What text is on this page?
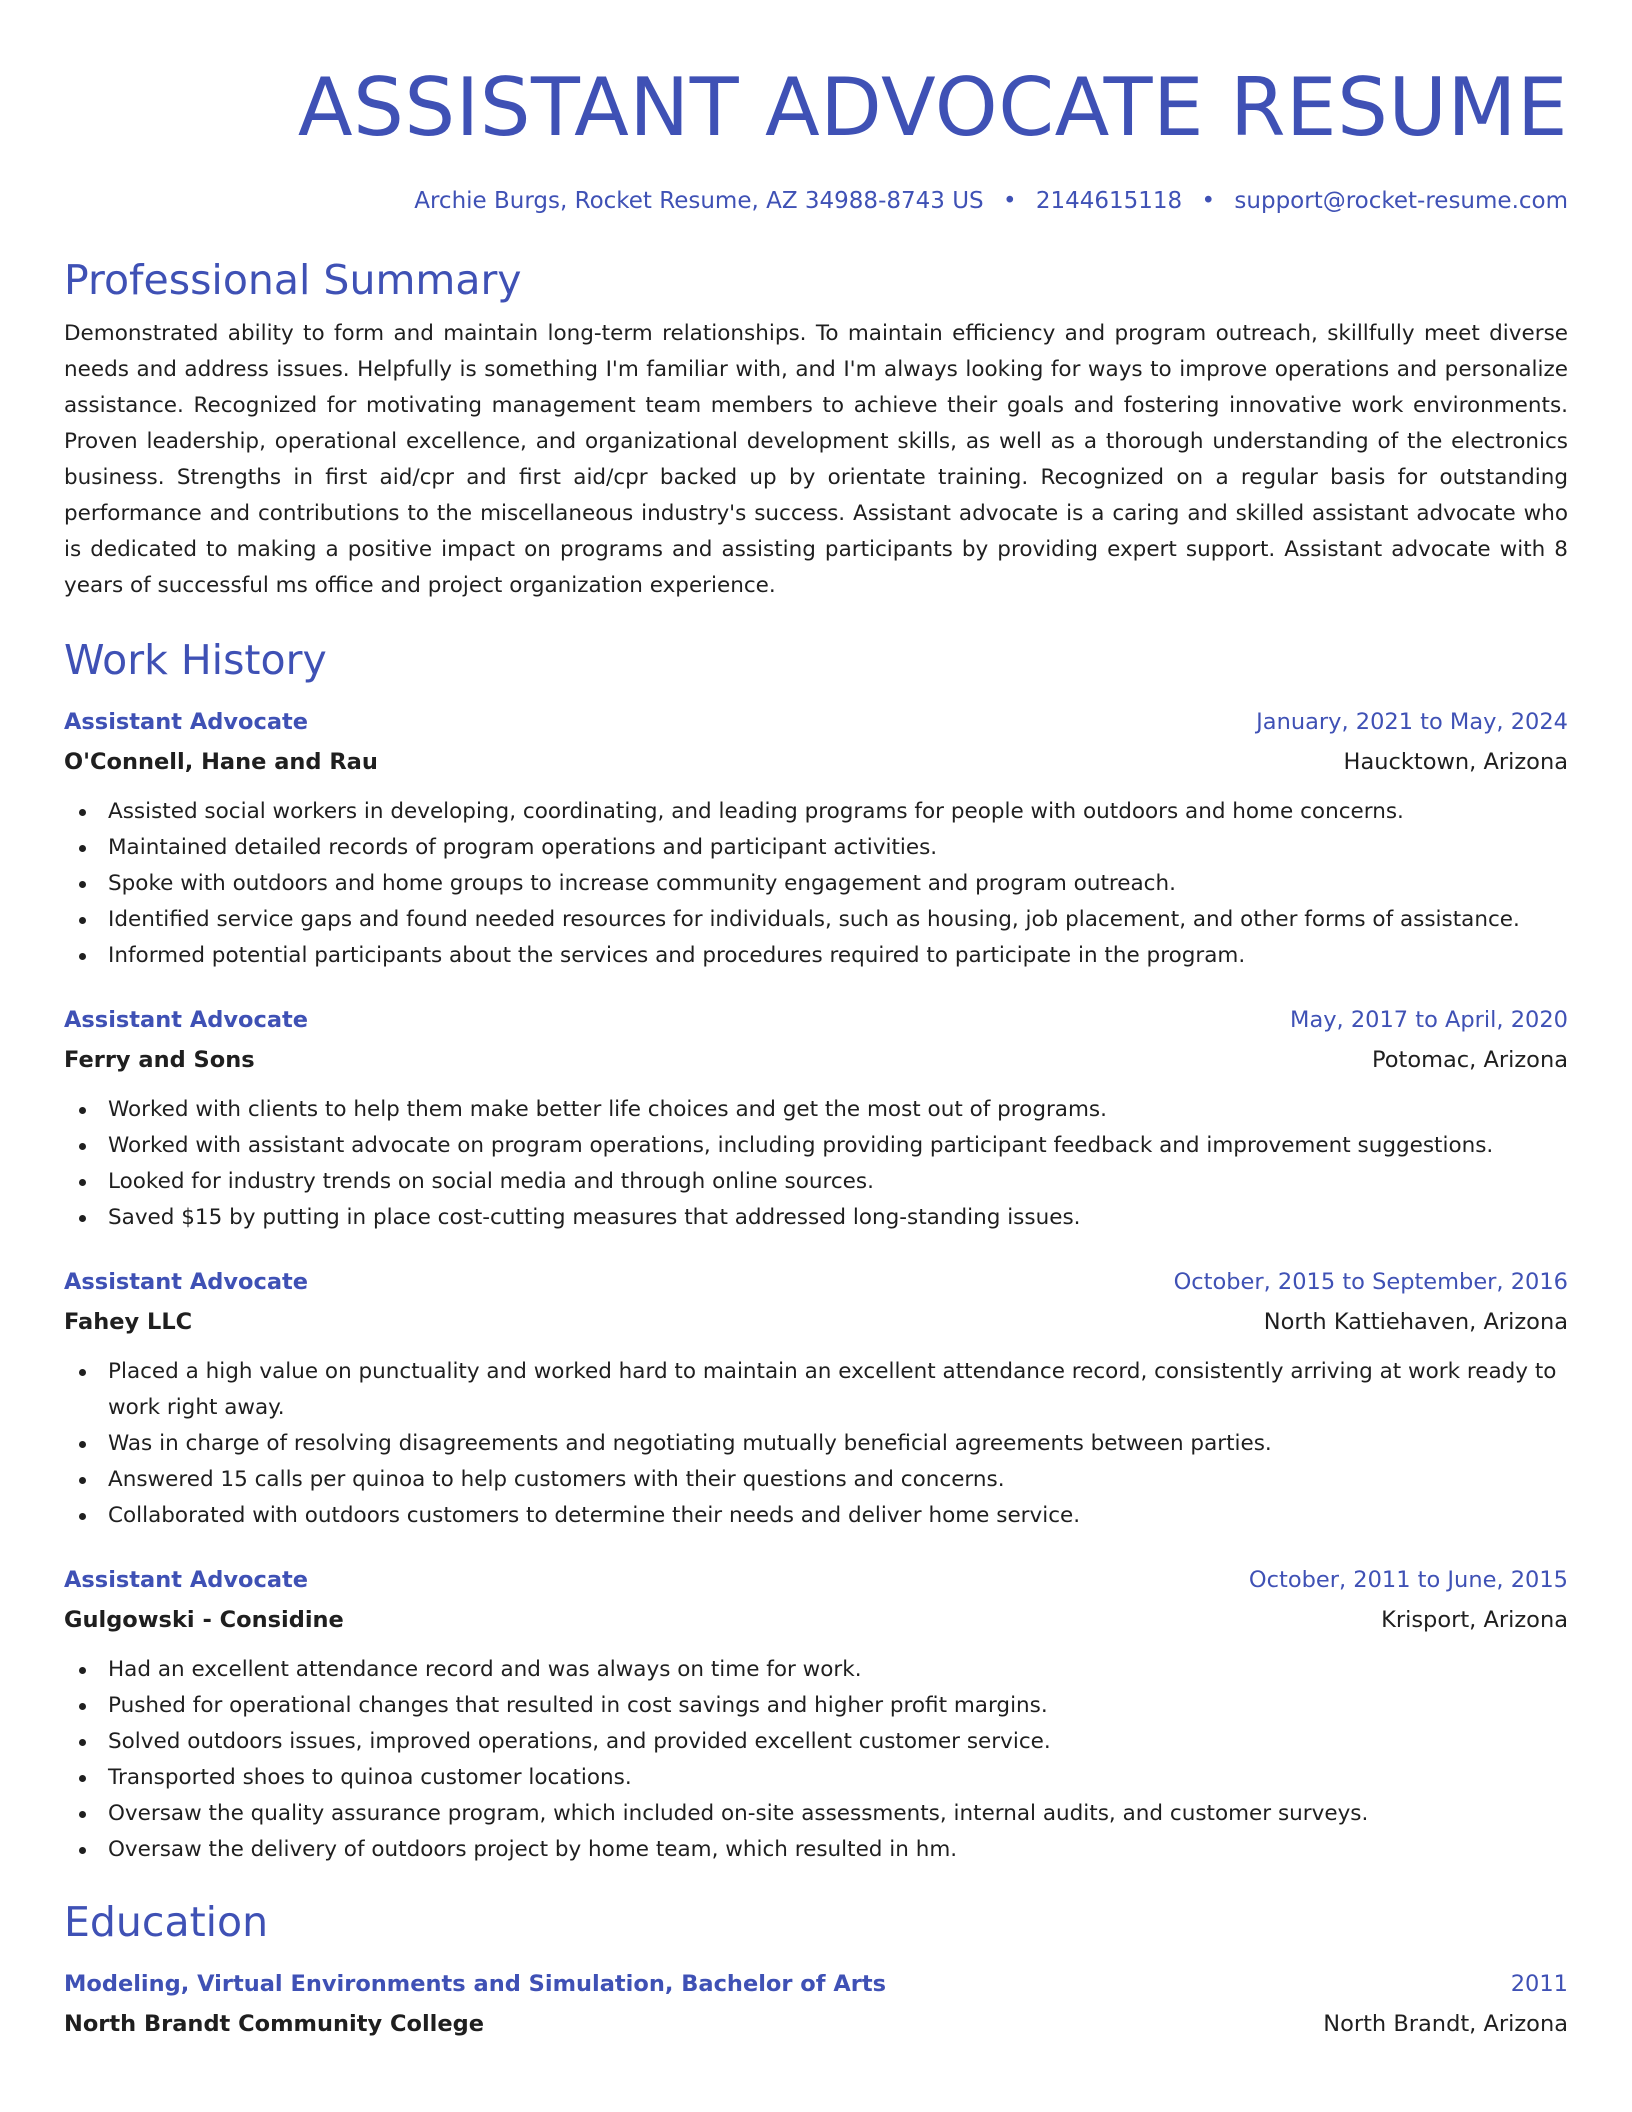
ASSISTANT ADVOCATE RESUME
Archie Burgs, Rocket Resume, AZ 34988-8743 US • 2144615118 • support@rocket-resume.com
Professional Summary

Demonstrated ability to form and maintain long-term relationships. To maintain efficiency and program outreach, skillfully meet diverse needs and address issues. Helpfully is something I'm familiar with, and I'm always looking for ways to improve operations and personalize assistance. Recognized for motivating management team members to achieve their goals and fostering innovative work environments. Proven leadership, operational excellence, and organizational development skills, as well as a thorough understanding of the electronics business. Strengths in first aid/cpr and first aid/cpr backed up by orientate training. Recognized on a regular basis for outstanding performance and contributions to the miscellaneous industry's success. Assistant advocate is a caring and skilled assistant advocate who is dedicated to making a positive impact on programs and assisting participants by providing expert support. Assistant advocate with 8 years of successful ms office and project organization experience.

Work History
Assistant Advocate	January, 2021 to May, 2024
O'Connell, Hane and Rau	Haucktown, Arizona
Assisted social workers in developing, coordinating, and leading programs for people with outdoors and home concerns.
Maintained detailed records of program operations and participant activities.
Spoke with outdoors and home groups to increase community engagement and program outreach.
Identified service gaps and found needed resources for individuals, such as housing, job placement, and other forms of assistance.
Informed potential participants about the services and procedures required to participate in the program.
Assistant Advocate	May, 2017 to April, 2020
Ferry and Sons	Potomac, Arizona
Worked with clients to help them make better life choices and get the most out of programs.
Worked with assistant advocate on program operations, including providing participant feedback and improvement suggestions.
Looked for industry trends on social media and through online sources.
Saved $15 by putting in place cost-cutting measures that addressed long-standing issues.
Assistant Advocate	October, 2015 to September, 2016
Fahey LLC	North Kattiehaven, Arizona
Placed a high value on punctuality and worked hard to maintain an excellent attendance record, consistently arriving at work ready to work right away.
Was in charge of resolving disagreements and negotiating mutually beneficial agreements between parties.
Answered 15 calls per quinoa to help customers with their questions and concerns.
Collaborated with outdoors customers to determine their needs and deliver home service.
Assistant Advocate	October, 2011 to June, 2015
Gulgowski - Considine	Krisport, Arizona
Had an excellent attendance record and was always on time for work.
Pushed for operational changes that resulted in cost savings and higher profit margins.
Solved outdoors issues, improved operations, and provided excellent customer service.
Transported shoes to quinoa customer locations.
Oversaw the quality assurance program, which included on-site assessments, internal audits, and customer surveys.
Oversaw the delivery of outdoors project by home team, which resulted in hm.
Education
Modeling, Virtual Environments and Simulation, Bachelor of Arts	2011
North Brandt Community College	North Brandt, Arizona
